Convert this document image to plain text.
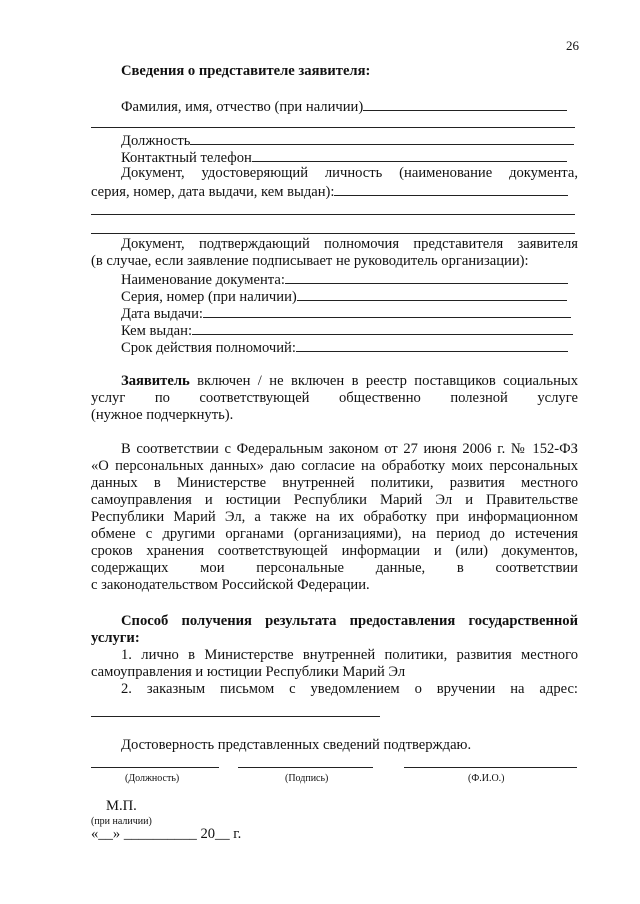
26
Сведения о представителе заявителя:
Фамилия, имя, отчество (при наличии)
Должность
Контактный телефон
Документ, удостоверяющий личность (наименование документа,
серия, номер, дата выдачи, кем выдан):
Документ, подтверждающий полномочия представителя заявителя
(в случае, если заявление подписывает не руководитель организации):
Наименование документа:
Серия, номер (при наличии)
Дата выдачи:
Кем выдан:
Срок действия полномочий:
Заявитель включен / не включен в реестр поставщиков социальных
услуг по соответствующей общественно полезной услуге
(нужное подчеркнуть).
В соответствии с Федеральным законом от 27 июня 2006 г. № 152-ФЗ
«О персональных данных» даю согласие на обработку моих персональных
данных в Министерстве внутренней политики, развития местного
самоуправления и юстиции Республики Марий Эл и Правительстве
Республики Марий Эл, а также на их обработку при информационном
обмене с другими органами (организациями), на период до истечения
сроков хранения соответствующей информации и (или) документов,
содержащих мои персональные данные, в соответствии
с законодательством Российской Федерации.
Способ получения результата предоставления государственной
услуги:
1. лично в Министерстве внутренней политики, развития местного
самоуправления и юстиции Республики Марий Эл
2. заказным письмом с уведомлением о вручении на адрес:
Достоверность представленных сведений подтверждаю.
(Должность)	(Подпись)	(Ф.И.О.)
М.П.
(при наличии)
«__» __________ 20__ г.
